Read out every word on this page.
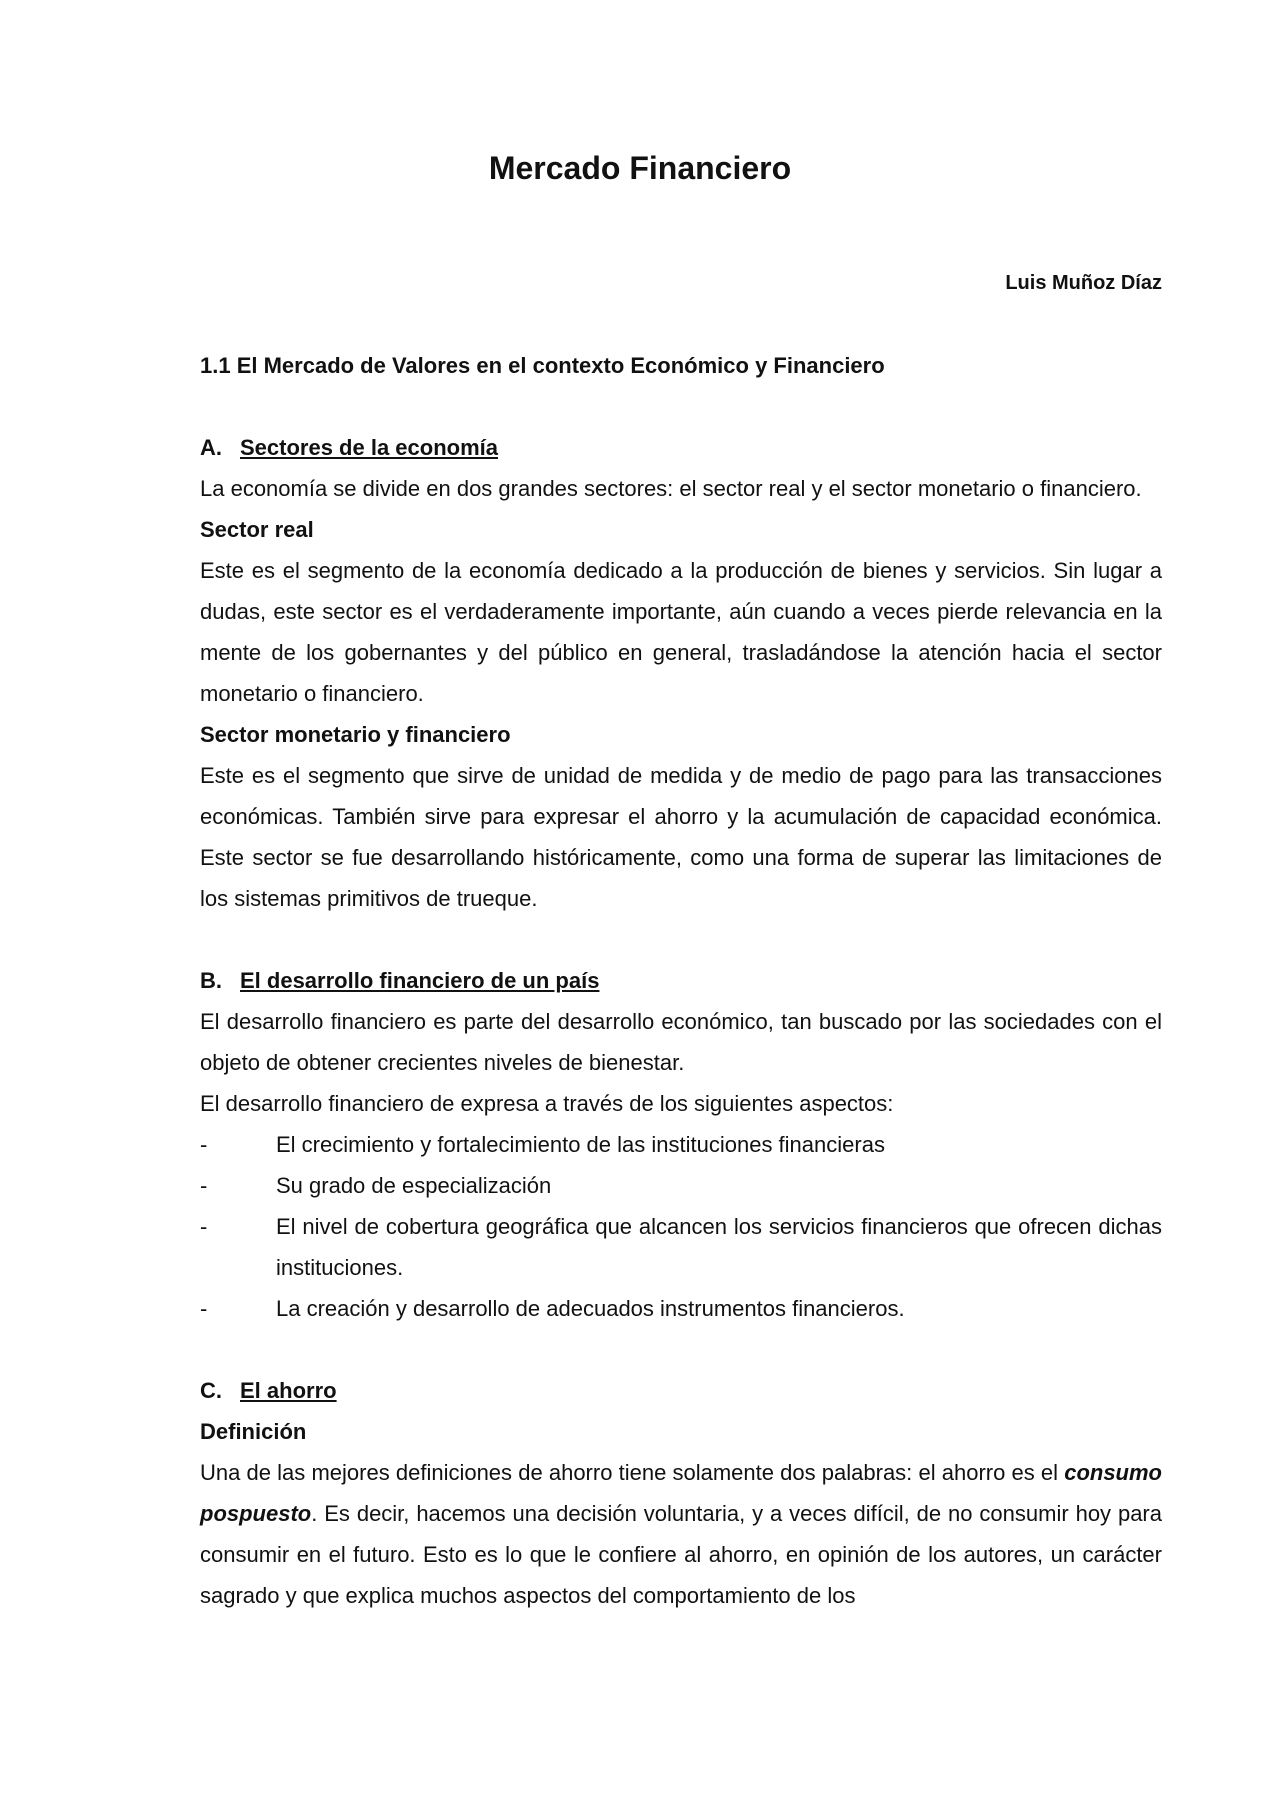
Mercado Financiero

Luis Muñoz Díaz

1.1 El Mercado de Valores en el contexto Económico y Financiero
A. Sectores de la economía

La economía se divide en dos grandes sectores: el sector real y el sector monetario o financiero.

Sector real

Este es el segmento de la economía dedicado a la producción de bienes y servicios. Sin lugar a dudas, este sector es el verdaderamente importante, aún cuando a veces pierde relevancia en la mente de los gobernantes y del público en general, trasladándose la atención hacia el sector monetario o financiero.

Sector monetario y financiero

Este es el segmento que sirve de unidad de medida y de medio de pago para las transacciones económicas. También sirve para expresar el ahorro y la acumulación de capacidad económica. Este sector se fue desarrollando históricamente, como una forma de superar las limitaciones de los sistemas primitivos de trueque.

B. El desarrollo financiero de un país

El desarrollo financiero es parte del desarrollo económico, tan buscado por las sociedades con el objeto de obtener crecientes niveles de bienestar.

El desarrollo financiero de expresa a través de los siguientes aspectos:

-	El crecimiento y fortalecimiento de las instituciones financieras
-	Su grado de especialización
-	El nivel de cobertura geográfica que alcancen los servicios financieros que ofrecen dichas instituciones.
-	La creación y desarrollo de adecuados instrumentos financieros.
C. El ahorro
Definición

Una de las mejores definiciones de ahorro tiene solamente dos palabras: el ahorro es el consumo pospuesto. Es decir, hacemos una decisión voluntaria, y a veces difícil, de no consumir hoy para consumir en el futuro. Esto es lo que le confiere al ahorro, en opinión de los autores, un carácter sagrado y que explica muchos aspectos del comportamiento de los
